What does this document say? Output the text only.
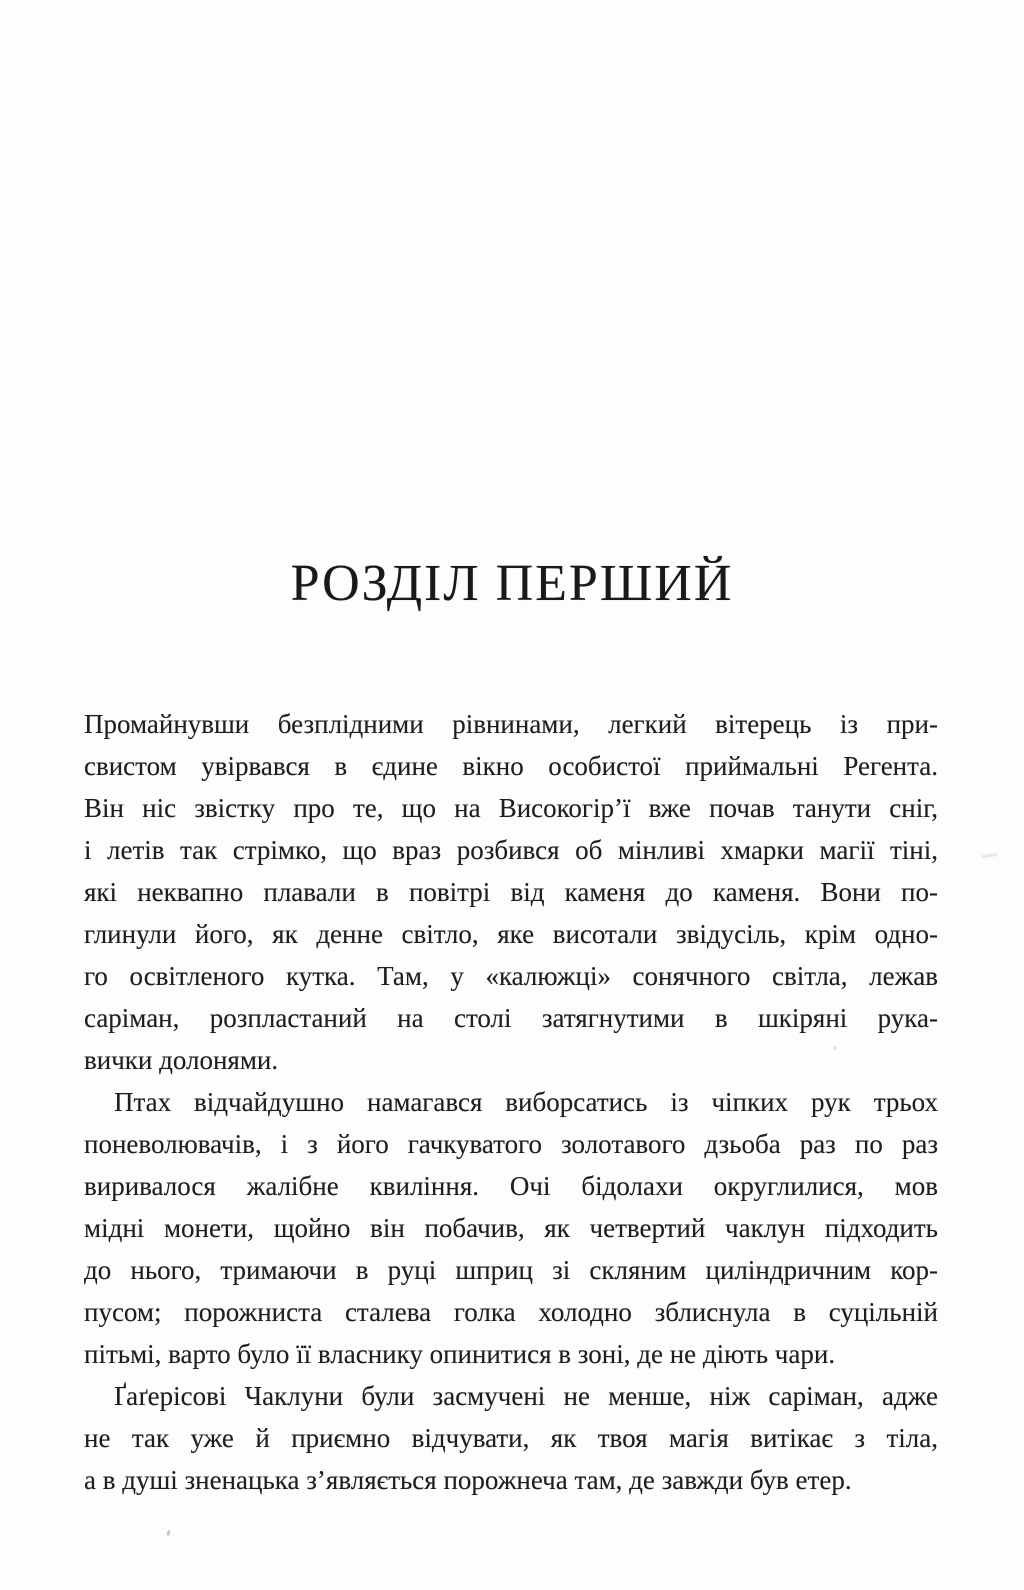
РОЗДІЛ ПЕРШИЙ
Промайнувши безплідними рівнинами, легкий вітерець із при-
свистом увірвався в єдине вікно особистої приймальні Регента.
Він ніс звістку про те, що на Високогір’ї вже почав танути сніг,
і летів так стрімко, що враз розбився об мінливі хмарки магії тіні,
які неквапно плавали в повітрі від каменя до каменя. Вони по-
глинули його, як денне світло, яке висотали звідусіль, крім одно-
го освітленого кутка. Там, у «калюжці» сонячного світла, лежав
саріман, розпластаний на столі затягнутими в шкіряні рука-
вички долонями.
Птах відчайдушно намагався виборсатись із чіпких рук трьох
поневолювачів, і з його гачкуватого золотавого дзьоба раз по раз
виривалося жалібне квиління. Очі бідолахи округлилися, мов
мідні монети, щойно він побачив, як четвертий чаклун підходить
до нього, тримаючи в руці шприц зі скляним циліндричним кор-
пусом; порожниста сталева голка холодно зблиснула в суцільній
пітьмі, варто було її власнику опинитися в зоні, де не діють чари.
Ґаґерісові Чаклуни були засмучені не менше, ніж саріман, адже
не так уже й приємно відчувати, як твоя магія витікає з тіла,
а в душі зненацька з’являється порожнеча там, де завжди був етер.
